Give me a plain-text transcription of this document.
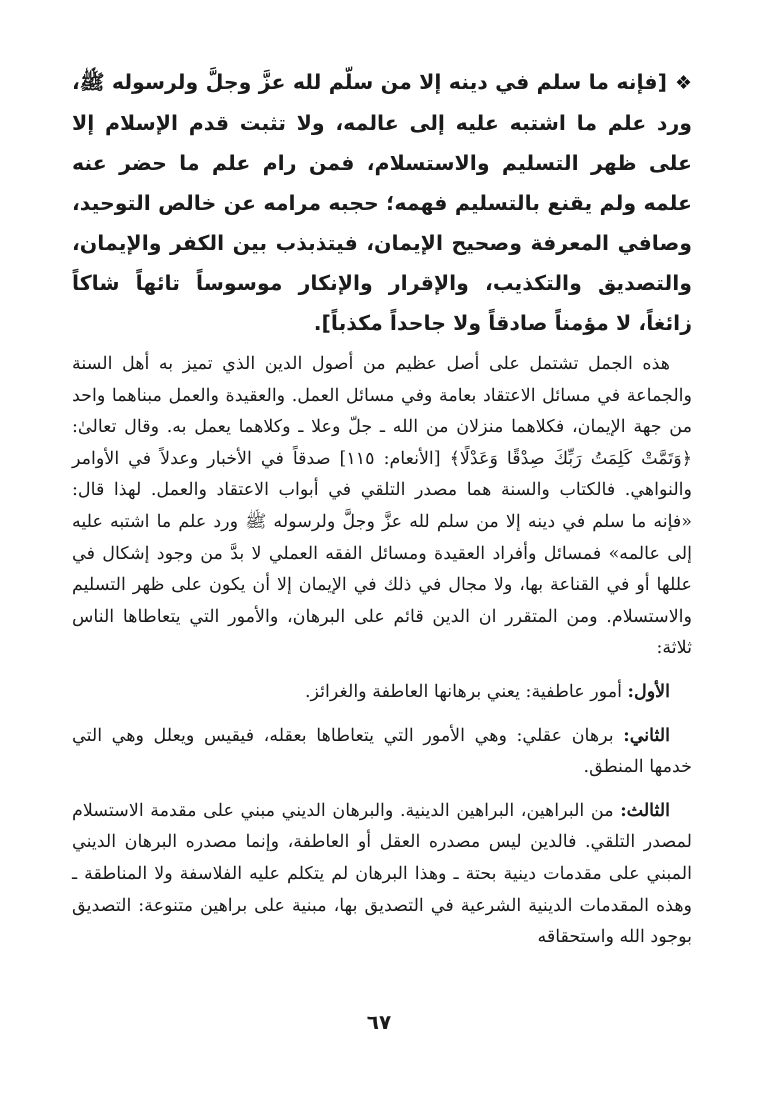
❖[فإنه ما سلم في دينه إلا من سلّم لله عزَّ وجلَّ ولرسوله ﷺ، ورد علم ما اشتبه عليه إلى عالمه، ولا تثبت قدم الإسلام إلا على ظهر التسليم والاستسلام، فمن رام علم ما حضر عنه علمه ولم يقنع بالتسليم فهمه؛ حجبه مرامه عن خالص التوحيد، وصافي المعرفة وصحيح الإيمان، فيتذبذب بين الكفر والإيمان، والتصديق والتكذيب، والإقرار والإنكار موسوساً تائهاً شاكاً زائغاً، لا مؤمناً صادقاً ولا جاحداً مكذباً].

هذه الجمل تشتمل على أصل عظيم من أصول الدين الذي تميز به أهل السنة والجماعة في مسائل الاعتقاد بعامة وفي مسائل العمل. والعقيدة والعمل مبناهما واحد من جهة الإيمان، فكلاهما منزلان من الله ـ جلّ وعلا ـ وكلاهما يعمل به. وقال تعالىٰ: ﴿وَتَمَّتْ كَلِمَتُ رَبِّكَ صِدْقًا وَعَدْلًا﴾ [الأنعام: ١١٥] صدقاً في الأخبار وعدلاً في الأوامر والنواهي. فالكتاب والسنة هما مصدر التلقي في أبواب الاعتقاد والعمل. لهذا قال: «فإنه ما سلم في دينه إلا من سلم لله عزَّ وجلَّ ولرسوله ﷺ ورد علم ما اشتبه عليه إلى عالمه» فمسائل وأفراد العقيدة ومسائل الفقه العملي لا بدَّ من وجود إشكال في عللها أو في القناعة بها، ولا مجال في ذلك في الإيمان إلا أن يكون على ظهر التسليم والاستسلام. ومن المتقرر ان الدين قائم على البرهان، والأمور التي يتعاطاها الناس ثلاثة:

الأول: أمور عاطفية: يعني برهانها العاطفة والغرائز.

الثاني: برهان عقلي: وهي الأمور التي يتعاطاها بعقله، فيقيس ويعلل وهي التي خدمها المنطق.

الثالث: من البراهين، البراهين الدينية. والبرهان الديني مبني على مقدمة الاستسلام لمصدر التلقي. فالدين ليس مصدره العقل أو العاطفة، وإنما مصدره البرهان الديني المبني على مقدمات دينية بحتة ـ وهذا البرهان لم يتكلم عليه الفلاسفة ولا المناطقة ـ وهذه المقدمات الدينية الشرعية في التصديق بها، مبنية على براهين متنوعة: التصديق بوجود الله واستحقاقه

٦٧
